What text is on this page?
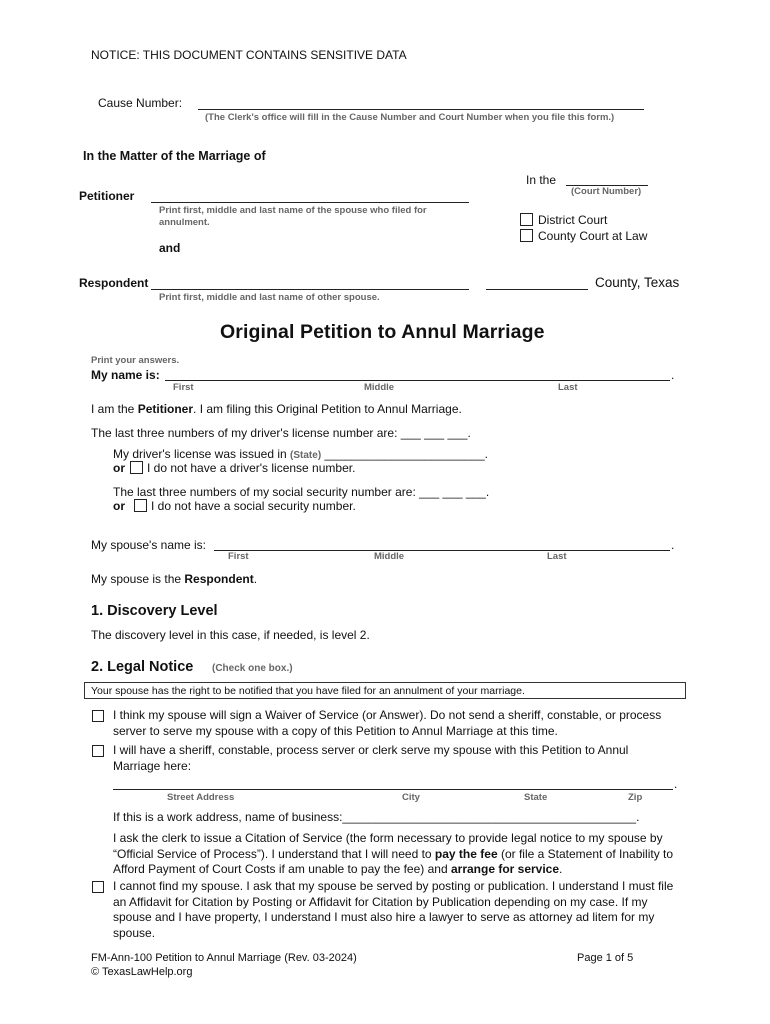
NOTICE: THIS DOCUMENT CONTAINS SENSITIVE DATA
Cause Number:
(The Clerk's office will fill in the Cause Number and Court Number when you file this form.)
In the Matter of the Marriage of
In the
(Court Number)
District Court
County Court at Law
Petitioner
Print first, middle and last name of the spouse who filed for annulment.
and
Respondent
Print first, middle and last name of other spouse.
County, Texas
Original Petition to Annul Marriage
Print your answers.
My name is:	.
First	Middle	Last
I am the Petitioner. I am filing this Original Petition to Annul Marriage.
The last three numbers of my driver's license number are: ___ ___ ___.
My driver's license was issued in (State) ________________________.
or I do not have a driver's license number.
The last three numbers of my social security number are: ___ ___ ___.
or I do not have a social security number.
My spouse's name is:	.
First	Middle	Last
My spouse is the Respondent.
1. Discovery Level
The discovery level in this case, if needed, is level 2.
2. Legal Notice (Check one box.)
Your spouse has the right to be notified that you have filed for an annulment of your marriage.
I think my spouse will sign a Waiver of Service (or Answer). Do not send a sheriff, constable, or process server to serve my spouse with a copy of this Petition to Annul Marriage at this time.
I will have a sheriff, constable, process server or clerk serve my spouse with this Petition to Annul Marriage here:
.
Street Address	City	State	Zip
If this is a work address, name of business:____________________________________________.
I ask the clerk to issue a Citation of Service (the form necessary to provide legal notice to my spouse by “Official Service of Process”). I understand that I will need to pay the fee (or file a Statement of Inability to Afford Payment of Court Costs if am unable to pay the fee) and arrange for service.
I cannot find my spouse. I ask that my spouse be served by posting or publication. I understand I must file an Affidavit for Citation by Posting or Affidavit for Citation by Publication depending on my case. If my spouse and I have property, I understand I must also hire a lawyer to serve as attorney ad litem for my spouse.
FM-Ann-100 Petition to Annul Marriage (Rev. 03-2024)
© TexasLawHelp.org
Page 1 of 5
